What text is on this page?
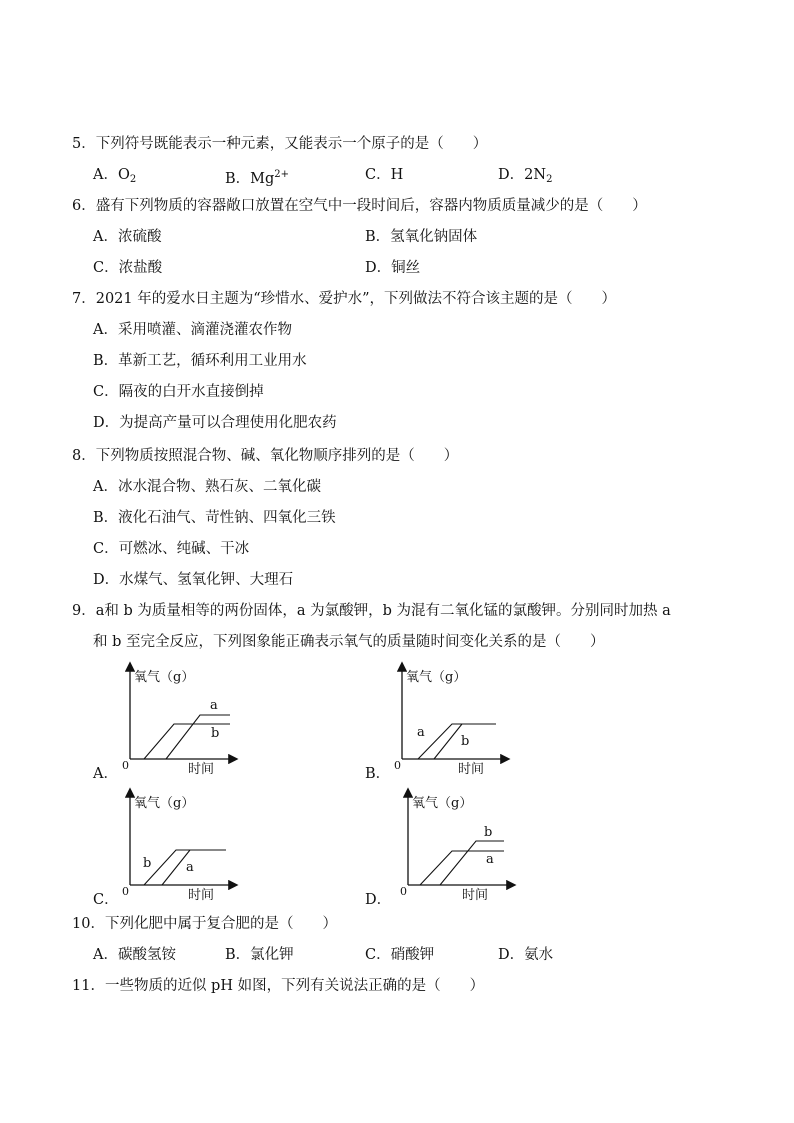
5．下列符号既能表示一种元素，又能表示一个原子的是（　　）
A．$O_2$	B．$Mg^{2+}$	C．H	D．$2N_2$
6．盛有下列物质的容器敞口放置在空气中一段时间后，容器内物质质量减少的是（　　）
A．浓硫酸	B．氢氧化钠固体
C．浓盐酸	D．铜丝
7．2021 年的爱水日主题为“珍惜水、爱护水”，下列做法不符合该主题的是（　　）
A．采用喷灌、滴灌浇灌农作物
B．革新工艺，循环利用工业用水
C．隔夜的白开水直接倒掉
D．为提高产量可以合理使用化肥农药
8．下列物质按照混合物、碱、氧化物顺序排列的是（　　）
A．冰水混合物、熟石灰、二氧化碳
B．液化石油气、苛性钠、四氧化三铁
C．可燃冰、纯碱、干冰
D．水煤气、氢氧化钾、大理石
9．a和 b 为质量相等的两份固体，a 为氯酸钾，b 为混有二氧化锰的氯酸钾。分别同时加热 a
和 b 至完全反应，下列图象能正确表示氧气的质量随时间变化关系的是（　　）
A．
氧气（g）
0	时间
a
b
B．
氧气（g）
0	时间
a
b
C．
氧气（g）
0	时间
b	a
D．
氧气（g）
0	时间
b
a
10．下列化肥中属于复合肥的是（　　）
A．碳酸氢铵	B．氯化钾	C．硝酸钾	D．氨水
11．一些物质的近似 pH 如图，下列有关说法正确的是（　　）
